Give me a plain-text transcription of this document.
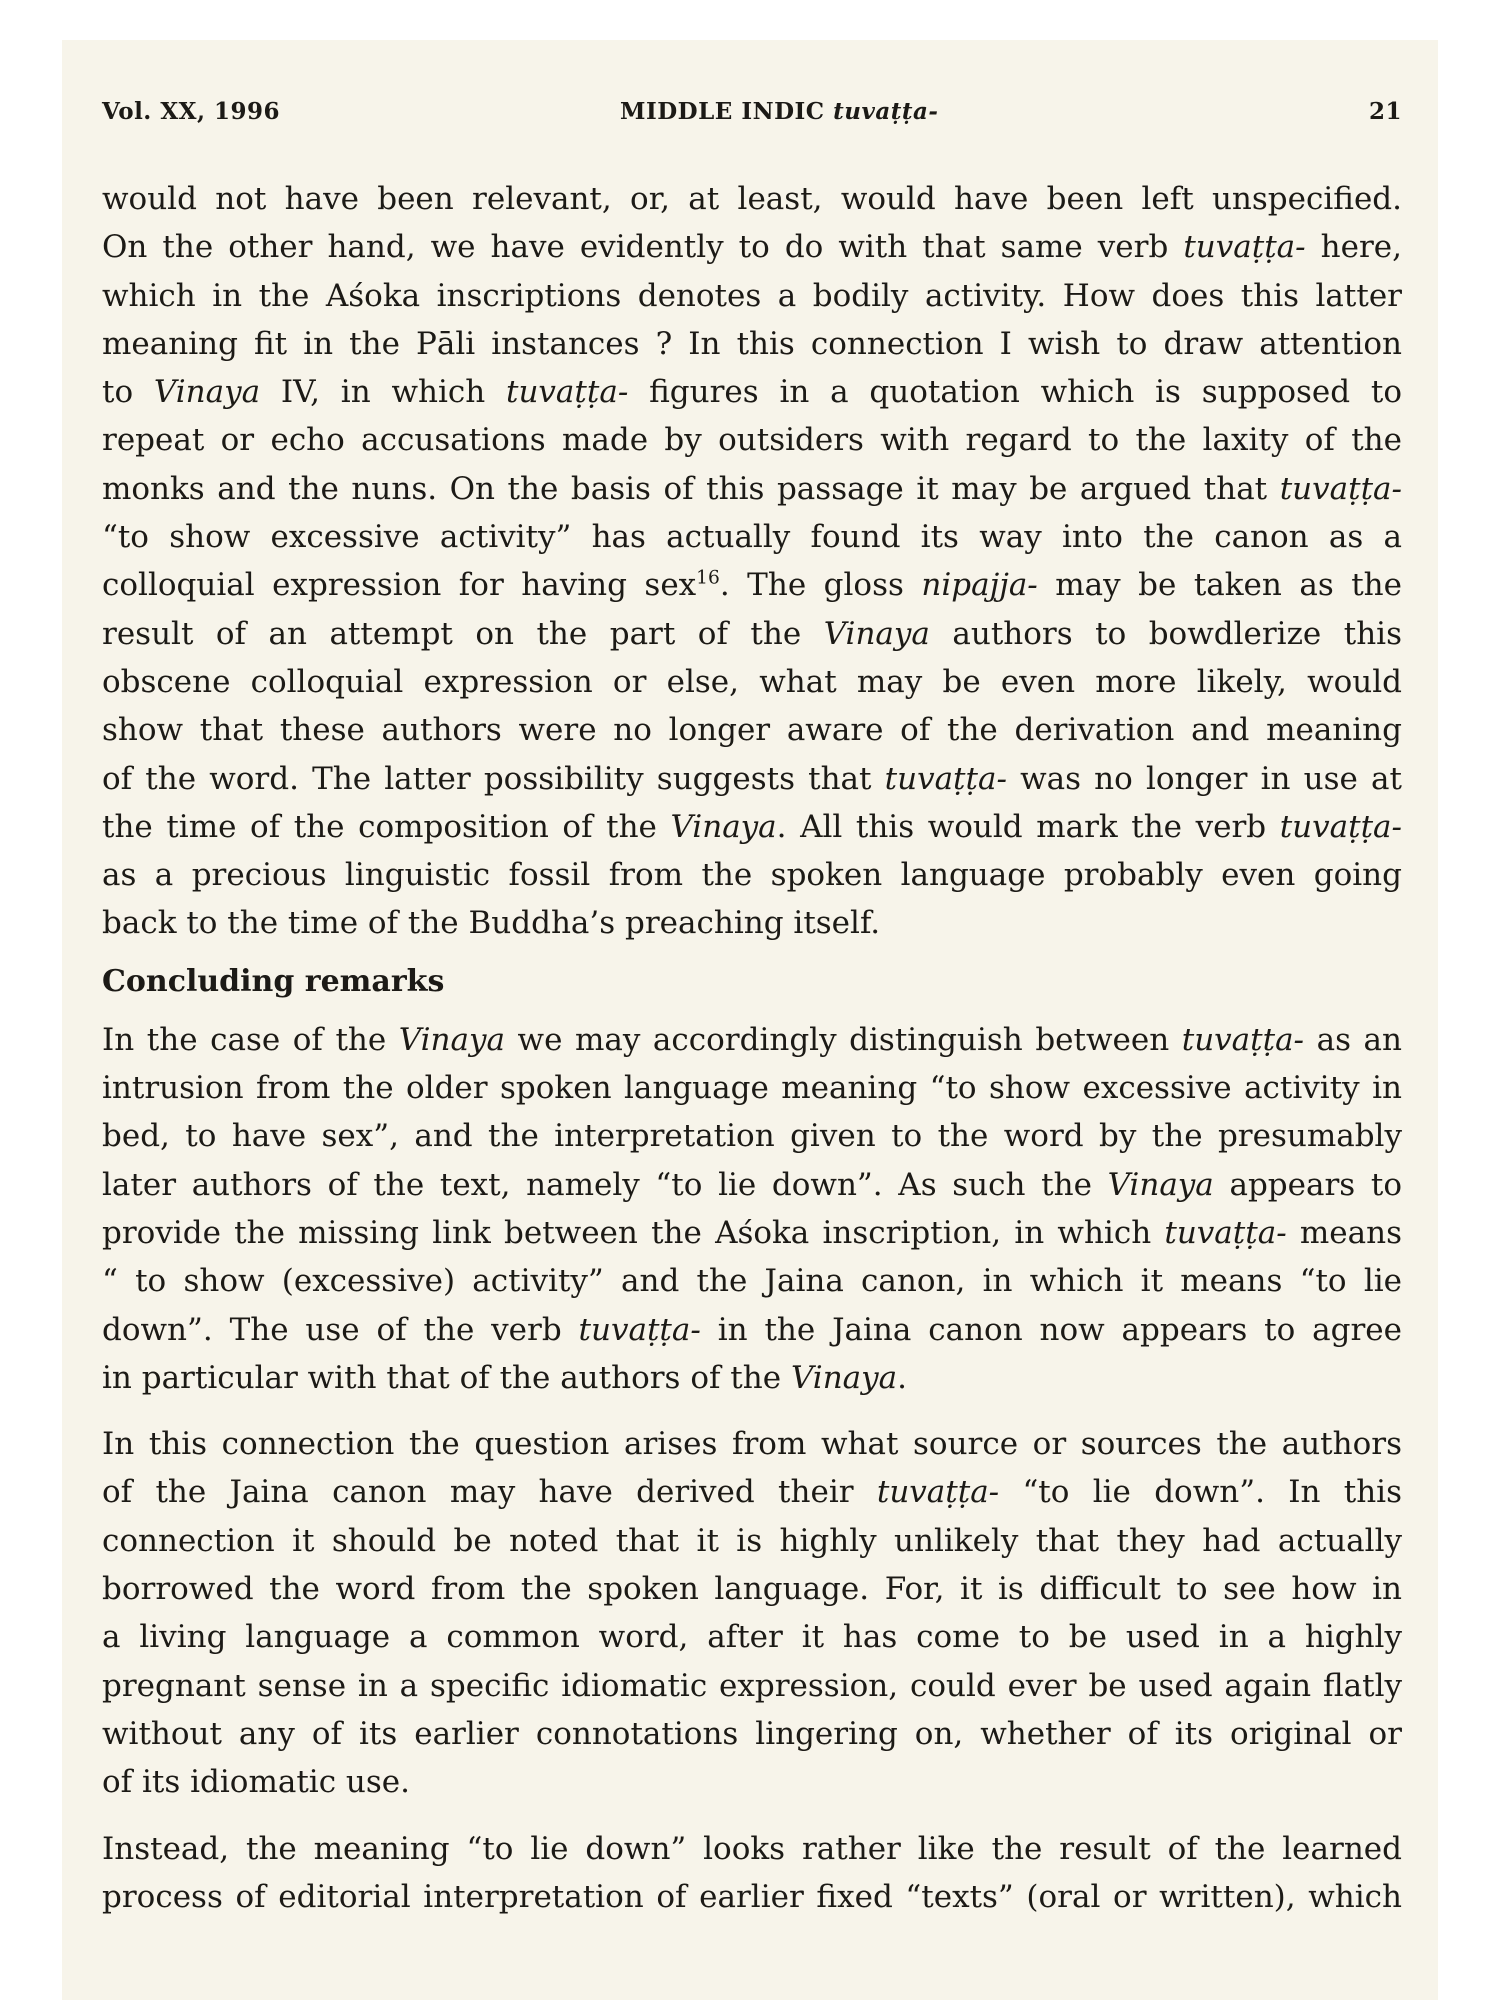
Vol. XX, 1996	MIDDLE INDIC tuvaṭṭa-	21
would not have been relevant, or, at least, would have been left unspecified.
On the other hand, we have evidently to do with that same verb tuvaṭṭa- here,
which in the Aśoka inscriptions denotes a bodily activity. How does this latter
meaning fit in the Pāli instances ? In this connection I wish to draw attention
to Vinaya IV, in which tuvaṭṭa- figures in a quotation which is supposed to
repeat or echo accusations made by outsiders with regard to the laxity of the
monks and the nuns. On the basis of this passage it may be argued that tuvaṭṭa-
“to show excessive activity” has actually found its way into the canon as a
colloquial expression for having sex$^{16}$. The gloss nipajja- may be taken as the
result of an attempt on the part of the Vinaya authors to bowdlerize this
obscene colloquial expression or else, what may be even more likely, would
show that these authors were no longer aware of the derivation and meaning
of the word. The latter possibility suggests that tuvaṭṭa- was no longer in use at
the time of the composition of the Vinaya. All this would mark the verb tuvaṭṭa-
as a precious linguistic fossil from the spoken language probably even going
back to the time of the Buddha’s preaching itself.
Concluding remarks
In the case of the Vinaya we may accordingly distinguish between tuvaṭṭa- as an
intrusion from the older spoken language meaning “to show excessive activity in
bed, to have sex”, and the interpretation given to the word by the presumably
later authors of the text, namely “to lie down”. As such the Vinaya appears to
provide the missing link between the Aśoka inscription, in which tuvaṭṭa- means
“ to show (excessive) activity” and the Jaina canon, in which it means “to lie
down”. The use of the verb tuvaṭṭa- in the Jaina canon now appears to agree
in particular with that of the authors of the Vinaya.
In this connection the question arises from what source or sources the authors
of the Jaina canon may have derived their tuvaṭṭa- “to lie down”. In this
connection it should be noted that it is highly unlikely that they had actually
borrowed the word from the spoken language. For, it is difficult to see how in
a living language a common word, after it has come to be used in a highly
pregnant sense in a specific idiomatic expression, could ever be used again flatly
without any of its earlier connotations lingering on, whether of its original or
of its idiomatic use.
Instead, the meaning “to lie down” looks rather like the result of the learned
process of editorial interpretation of earlier fixed “texts” (oral or written), which
